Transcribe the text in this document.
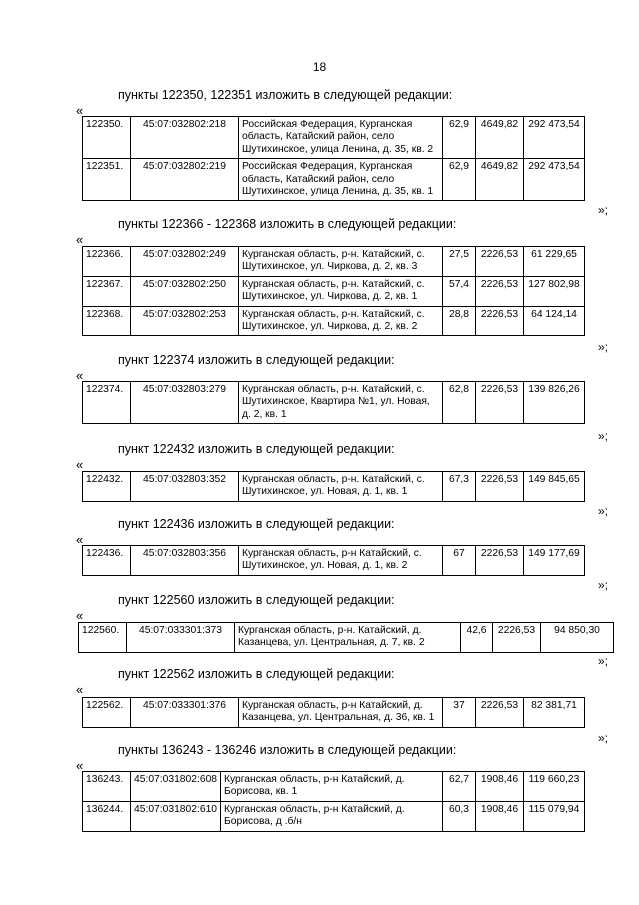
18
пункты 122350, 122351 изложить в следующей редакции:
«
122350.	45:07:032802:218	Российская Федерация, Курганская область, Катайский район, село Шутихинское, улица Ленина, д. 35, кв. 2	62,9	4649,82	292 473,54
122351.	45:07:032802:219	Российская Федерация, Курганская область, Катайский район, село Шутихинское, улица Ленина, д. 35, кв. 1	62,9	4649,82	292 473,54
»;
пункты 122366 - 122368 изложить в следующей редакции:
«
122366.	45:07:032802:249	Курганская область, р-н. Катайский, с. Шутихинское, ул. Чиркова, д. 2, кв. 3	27,5	2226,53	61 229,65
122367.	45:07:032802:250	Курганская область, р-н. Катайский, с. Шутихинское, ул. Чиркова, д. 2, кв. 1	57,4	2226,53	127 802,98
122368.	45:07:032802:253	Курганская область, р-н. Катайский, с. Шутихинское, ул. Чиркова, д. 2, кв. 2	28,8	2226,53	64 124,14
»;
пункт 122374 изложить в следующей редакции:
«
122374.	45:07:032803:279	Курганская область, р-н. Катайский, с. Шутихинское, Квартира №1, ул. Новая, д. 2, кв. 1	62,8	2226,53	139 826,26
»;
пункт 122432 изложить в следующей редакции:
«
122432.	45:07:032803:352	Курганская область, р-н. Катайский, с. Шутихинское, ул. Новая, д. 1, кв. 1	67,3	2226,53	149 845,65
»;
пункт 122436 изложить в следующей редакции:
«
122436.	45:07:032803:356	Курганская область, р-н Катайский, с. Шутихинское, ул. Новая, д. 1, кв. 2	67	2226,53	149 177,69
»;
пункт 122560 изложить в следующей редакции:
«
122560.	45:07:033301:373	Курганская область, р-н. Катайский, д. Казанцева, ул. Центральная, д. 7, кв. 2	42,6	2226,53	94 850,30
»;
пункт 122562 изложить в следующей редакции:
«
122562.	45:07:033301:376	Курганская область, р-н Катайский, д. Казанцева, ул. Центральная, д. 36, кв. 1	37	2226,53	82 381,71
»;
пункты 136243 - 136246 изложить в следующей редакции:
«
136243.	45:07:031802:608	Курганская область, р-н Катайский, д. Борисова, кв. 1	62,7	1908,46	119 660,23
136244.	45:07:031802:610	Курганская область, р-н Катайский, д. Борисова, д .б/н	60,3	1908,46	115 079,94
